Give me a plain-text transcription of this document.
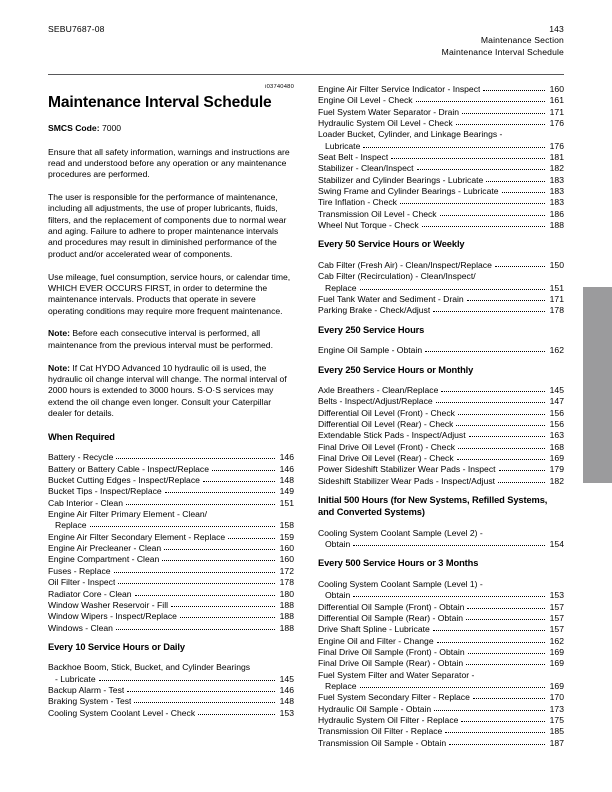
SEBU7687-08	143
Maintenance Section
Maintenance Interval Schedule
i03740480
Maintenance Interval Schedule
SMCS Code: 7000

Ensure that all safety information, warnings and instructions are read and understood before any operation or any maintenance procedures are performed.

The user is responsible for the performance of maintenance, including all adjustments, the use of proper lubricants, fluids, filters, and the replacement of components due to normal wear and aging. Failure to adhere to proper maintenance intervals and procedures may result in diminished performance of the product and/or accelerated wear of components.

Use mileage, fuel consumption, service hours, or calendar time, WHICH EVER OCCURS FIRST, in order to determine the maintenance intervals. Products that operate in severe operating conditions may require more frequent maintenance.

Note: Before each consecutive interval is performed, all maintenance from the previous interval must be performed.

Note: If Cat HYDO Advanced 10 hydraulic oil is used, the hydraulic oil change interval will change. The normal interval of 2000 hours is extended to 3000 hours. S·O·S services may extend the oil change even longer. Consult your Caterpillar dealer for details.

When Required
Battery - Recycle	146
Battery or Battery Cable - Inspect/Replace	146
Bucket Cutting Edges - Inspect/Replace	148
Bucket Tips - Inspect/Replace	149
Cab Interior - Clean	151
Engine Air Filter Primary Element - Clean/
Replace	158
Engine Air Filter Secondary Element - Replace	159
Engine Air Precleaner - Clean	160
Engine Compartment - Clean	160
Fuses - Replace	172
Oil Filter - Inspect	178
Radiator Core - Clean	180
Window Washer Reservoir - Fill	188
Window Wipers - Inspect/Replace	188
Windows - Clean	188
Every 10 Service Hours or Daily
Backhoe Boom, Stick, Bucket, and Cylinder Bearings
- Lubricate	145
Backup Alarm - Test	146
Braking System - Test	148
Cooling System Coolant Level - Check	153
Engine Air Filter Service Indicator - Inspect	160
Engine Oil Level - Check	161
Fuel System Water Separator - Drain	171
Hydraulic System Oil Level - Check	176
Loader Bucket, Cylinder, and Linkage Bearings -
Lubricate	176
Seat Belt - Inspect	181
Stabilizer - Clean/Inspect	182
Stabilizer and Cylinder Bearings - Lubricate	183
Swing Frame and Cylinder Bearings - Lubricate	183
Tire Inflation - Check	183
Transmission Oil Level - Check	186
Wheel Nut Torque - Check	188
Every 50 Service Hours or Weekly
Cab Filter (Fresh Air) - Clean/Inspect/Replace	150
Cab Filter (Recirculation) - Clean/Inspect/
Replace	151
Fuel Tank Water and Sediment - Drain	171
Parking Brake - Check/Adjust	178
Every 250 Service Hours
Engine Oil Sample - Obtain	162
Every 250 Service Hours or Monthly
Axle Breathers - Clean/Replace	145
Belts - Inspect/Adjust/Replace	147
Differential Oil Level (Front) - Check	156
Differential Oil Level (Rear) - Check	156
Extendable Stick Pads - Inspect/Adjust	163
Final Drive Oil Level (Front) - Check	168
Final Drive Oil Level (Rear) - Check	169
Power Sideshift Stabilizer Wear Pads - Inspect	179
Sideshift Stabilizer Wear Pads - Inspect/Adjust	182
Initial 500 Hours (for New Systems, Refilled Systems, and Converted Systems)
Cooling System Coolant Sample (Level 2) -
Obtain	154
Every 500 Service Hours or 3 Months
Cooling System Coolant Sample (Level 1) -
Obtain	153
Differential Oil Sample (Front) - Obtain	157
Differential Oil Sample (Rear) - Obtain	157
Drive Shaft Spline - Lubricate	157
Engine Oil and Filter - Change	162
Final Drive Oil Sample (Front) - Obtain	169
Final Drive Oil Sample (Rear) - Obtain	169
Fuel System Filter and Water Separator -
Replace	169
Fuel System Secondary Filter - Replace	170
Hydraulic Oil Sample - Obtain	173
Hydraulic System Oil Filter - Replace	175
Transmission Oil Filter - Replace	185
Transmission Oil Sample - Obtain	187
